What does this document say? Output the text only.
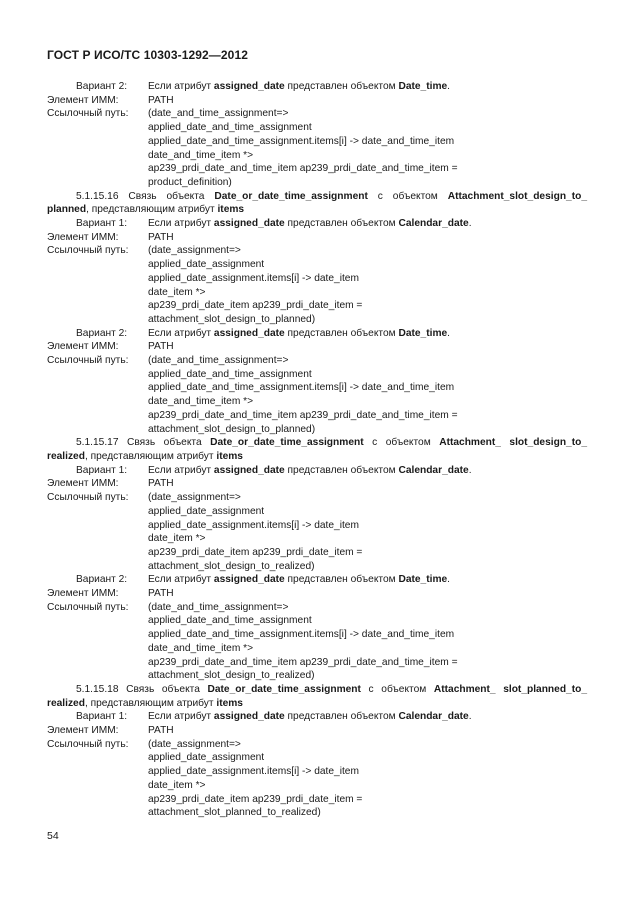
ГОСТ Р ИСО/ТС 10303-1292—2012
Вариант 2:	Если атрибут assigned_date представлен объектом Date_time.
Элемент ИММ:	PATH
Ссылочный путь:	(date_and_time_assignment=>
applied_date_and_time_assignment
applied_date_and_time_assignment.items[i] -> date_and_time_item
date_and_time_item *>
ap239_prdi_date_and_time_item ap239_prdi_date_and_time_item =
product_definition)
5.1.15.16 Связь объекта Date_or_date_time_assignment с объектом Attachment_slot_design_to_ planned, представляющим атрибут items
Вариант 1:	Если атрибут assigned_date представлен объектом Calendar_date.
Элемент ИММ:	PATH
Ссылочный путь:	(date_assignment=>
applied_date_assignment
applied_date_assignment.items[i] -> date_item
date_item *>
ap239_prdi_date_item ap239_prdi_date_item =
attachment_slot_design_to_planned)
Вариант 2:	Если атрибут assigned_date представлен объектом Date_time.
Элемент ИММ:	PATH
Ссылочный путь:	(date_and_time_assignment=>
applied_date_and_time_assignment
applied_date_and_time_assignment.items[i] -> date_and_time_item
date_and_time_item *>
ap239_prdi_date_and_time_item ap239_prdi_date_and_time_item =
attachment_slot_design_to_planned)
5.1.15.17 Связь объекта Date_or_date_time_assignment с объектом Attachment_ slot_design_to_ realized, представляющим атрибут items
Вариант 1:	Если атрибут assigned_date представлен объектом Calendar_date.
Элемент ИММ:	PATH
Ссылочный путь:	(date_assignment=>
applied_date_assignment
applied_date_assignment.items[i] -> date_item
date_item *>
ap239_prdi_date_item ap239_prdi_date_item =
attachment_slot_design_to_realized)
Вариант 2:	Если атрибут assigned_date представлен объектом Date_time.
Элемент ИММ:	PATH
Ссылочный путь:	(date_and_time_assignment=>
applied_date_and_time_assignment
applied_date_and_time_assignment.items[i] -> date_and_time_item
date_and_time_item *>
ap239_prdi_date_and_time_item ap239_prdi_date_and_time_item =
attachment_slot_design_to_realized)
5.1.15.18 Связь объекта Date_or_date_time_assignment с объектом Attachment_ slot_planned_to_ realized, представляющим атрибут items
Вариант 1:	Если атрибут assigned_date представлен объектом Calendar_date.
Элемент ИММ:	PATH
Ссылочный путь:	(date_assignment=>
applied_date_assignment
applied_date_assignment.items[i] -> date_item
date_item *>
ap239_prdi_date_item ap239_prdi_date_item =
attachment_slot_planned_to_realized)
54
